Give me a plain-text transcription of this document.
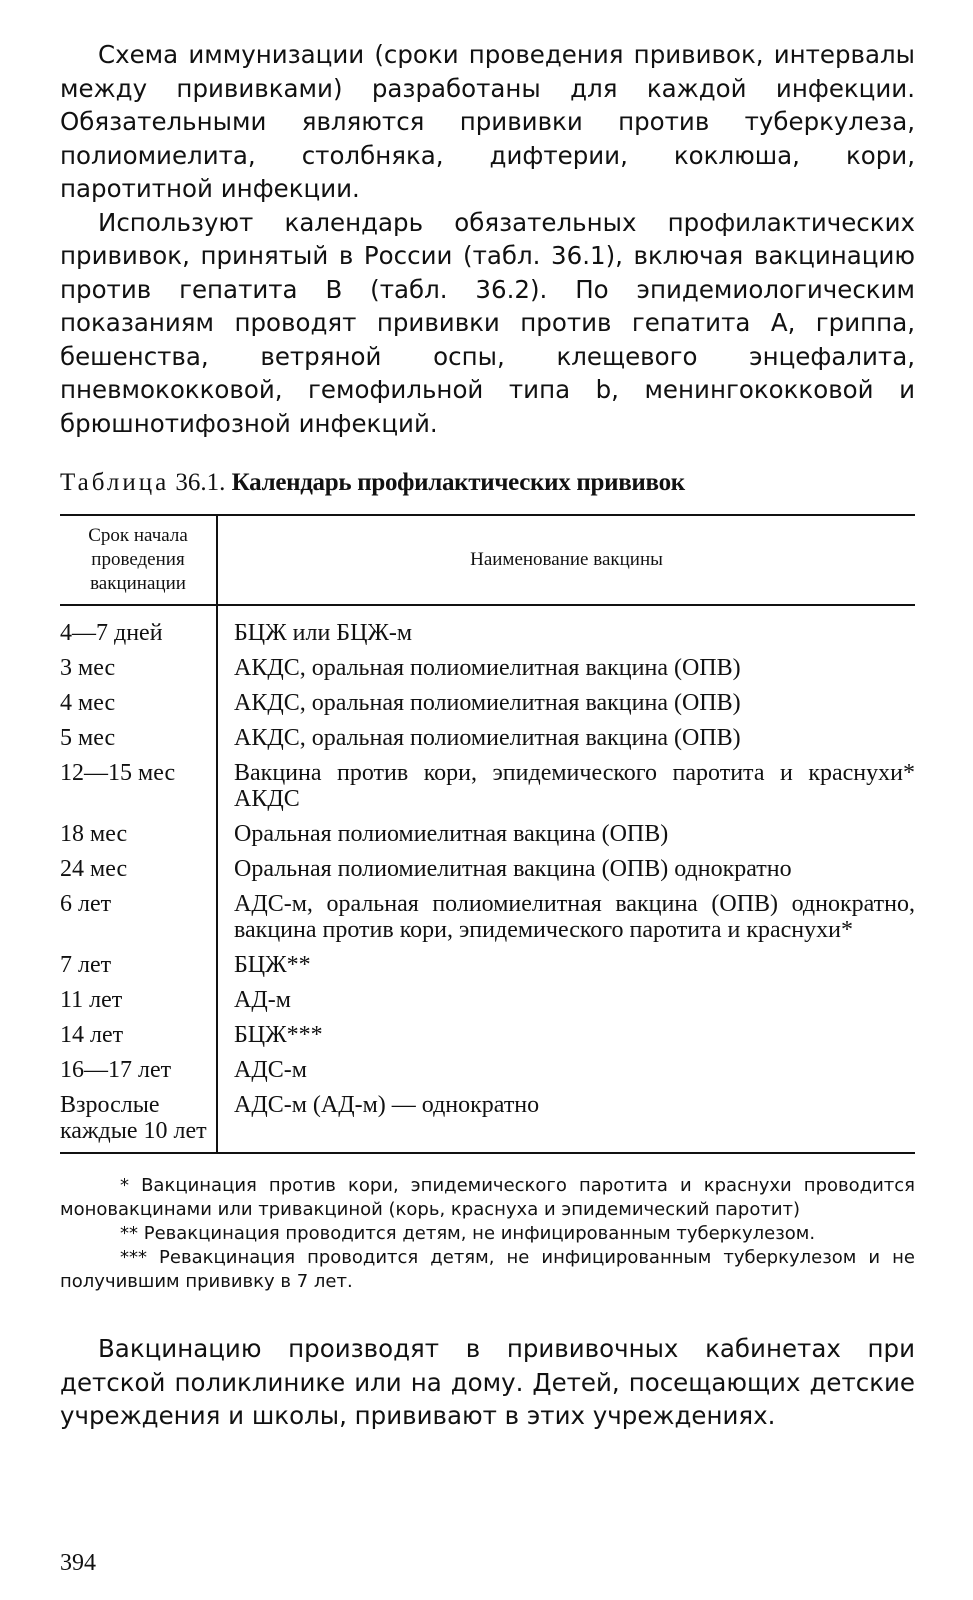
Схема иммунизации (сроки проведения прививок, интервалы между прививками) разработаны для каждой инфекции. Обязательными являются прививки против туберкулеза, полиомиелита, столбняка, дифтерии, коклюша, кори, паротитной инфекции.

Используют календарь обязательных профилактических прививок, принятый в России (табл. 36.1), включая вакцинацию против гепатита В (табл. 36.2). По эпидемиологическим показаниям проводят прививки против гепатита А, гриппа, бешенства, ветряной оспы, клещевого энцефалита, пневмококковой, гемофильной типа b, менингококковой и брюшнотифозной инфекций.

Таблица 36.1. Календарь профилактических прививок
Срок начала проведения вакцинации	Наименование вакцины
4—7 дней	БЦЖ или БЦЖ-м
3 мес	АКДС, оральная полиомиелитная вакцина (ОПВ)
4 мес	АКДС, оральная полиомиелитная вакцина (ОПВ)
5 мес	АКДС, оральная полиомиелитная вакцина (ОПВ)
12—15 мес	Вакцина против кори, эпидемического паротита и краснухи* АКДС
18 мес	Оральная полиомиелитная вакцина (ОПВ)
24 мес	Оральная полиомиелитная вакцина (ОПВ) однократно
6 лет	АДС-м, оральная полиомиелитная вакцина (ОПВ) однократно, вакцина против кори, эпидемического паротита и краснухи*
7 лет	БЦЖ**
11 лет	АД-м
14 лет	БЦЖ***
16—17 лет	АДС-м
Взрослые каждые 10 лет	АДС-м (АД-м) — однократно

* Вакцинация против кори, эпидемического паротита и краснухи проводится моновакцинами или тривакциной (корь, краснуха и эпидемический паротит)

** Ревакцинация проводится детям, не инфицированным туберкулезом.

*** Ревакцинация проводится детям, не инфицированным туберкулезом и не получившим прививку в 7 лет.

Вакцинацию производят в прививочных кабинетах при детской поликлинике или на дому. Детей, посещающих детские учреждения и школы, прививают в этих учреждениях.

394
